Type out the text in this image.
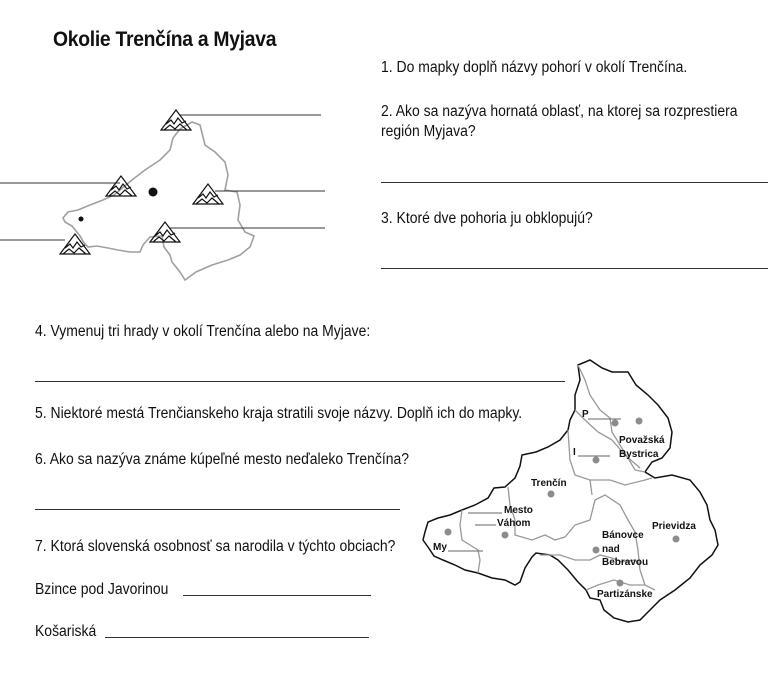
Okolie Trenčína a Myjava
P
I
Považská
Bystrica
Trenčín
Mesto
Váhom
My
Bánovce
nad
Bebravou
Prievidza
Partizánske
1. Do mapky doplň názvy pohorí v okolí Trenčína.
2. Ako sa nazýva hornatá oblasť, na ktorej sa rozprestiera
región Myjava?
3. Ktoré dve pohoria ju obklopujú?
4. Vymenuj tri hrady v okolí Trenčína alebo na Myjave:
5. Niektoré mestá Trenčianskeho kraja stratili svoje názvy. Doplň ich do mapky.
6. Ako sa nazýva známe kúpeľné mesto neďaleko Trenčína?
7. Ktorá slovenská osobnosť sa narodila v týchto obciach?
Bzince pod Javorinou
Košariská
